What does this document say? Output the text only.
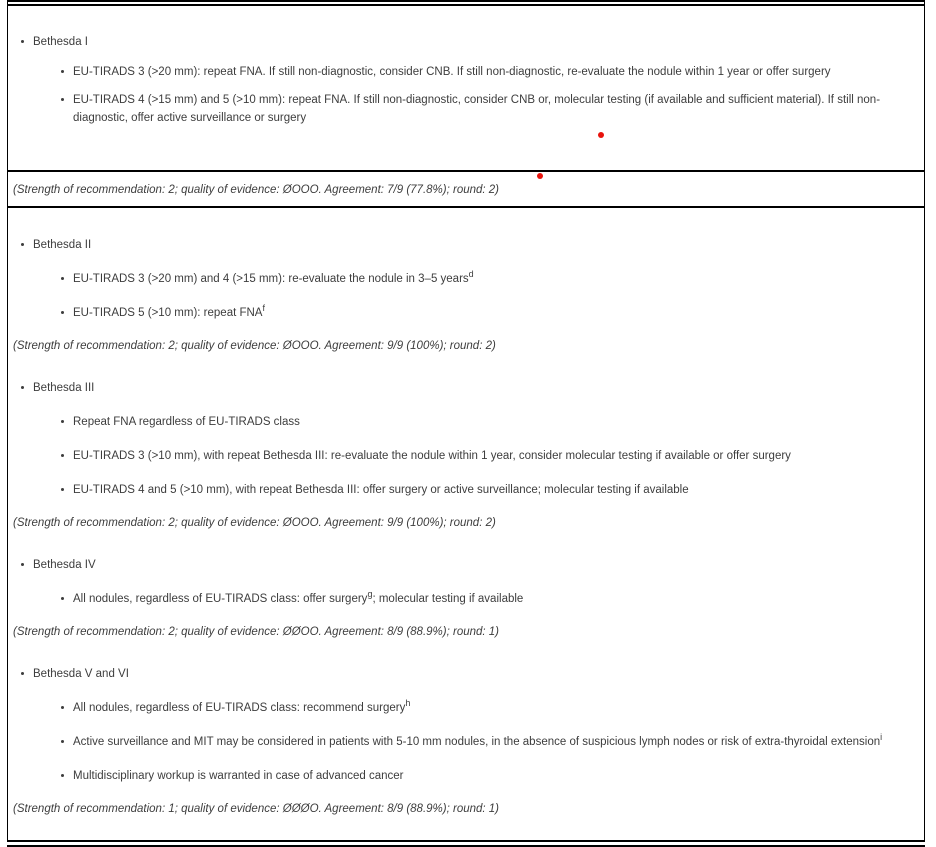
Bethesda I
EU-TIRADS 3 (>20 mm): repeat FNA. If still non-diagnostic, consider CNB. If still non-diagnostic, re-evaluate the nodule within 1 year or offer surgery
EU-TIRADS 4 (>15 mm) and 5 (>10 mm): repeat FNA. If still non-diagnostic, consider CNB or, molecular testing (if available and sufficient material). If still non-diagnostic, offer active surveillance or surgery
(Strength of recommendation: 2; quality of evidence: ØOOO. Agreement: 7/9 (77.8%); round: 2)
Bethesda II
EU-TIRADS 3 (>20 mm) and 4 (>15 mm): re-evaluate the nodule in 3–5 years$^d$
EU-TIRADS 5 (>10 mm): repeat FNA$^f$
(Strength of recommendation: 2; quality of evidence: ØOOO. Agreement: 9/9 (100%); round: 2)
Bethesda III
Repeat FNA regardless of EU-TIRADS class
EU-TIRADS 3 (>10 mm), with repeat Bethesda III: re-evaluate the nodule within 1 year, consider molecular testing if available or offer surgery
EU-TIRADS 4 and 5 (>10 mm), with repeat Bethesda III: offer surgery or active surveillance; molecular testing if available
(Strength of recommendation: 2; quality of evidence: ØOOO. Agreement: 9/9 (100%); round: 2)
Bethesda IV
All nodules, regardless of EU-TIRADS class: offer surgery$^g$; molecular testing if available
(Strength of recommendation: 2; quality of evidence: ØØOO. Agreement: 8/9 (88.9%); round: 1)
Bethesda V and VI
All nodules, regardless of EU-TIRADS class: recommend surgery$^h$
Active surveillance and MIT may be considered in patients with 5-10 mm nodules, in the absence of suspicious lymph nodes or risk of extra-thyroidal extension$^i$
Multidisciplinary workup is warranted in case of advanced cancer
(Strength of recommendation: 1; quality of evidence: ØØØO. Agreement: 8/9 (88.9%); round: 1)
